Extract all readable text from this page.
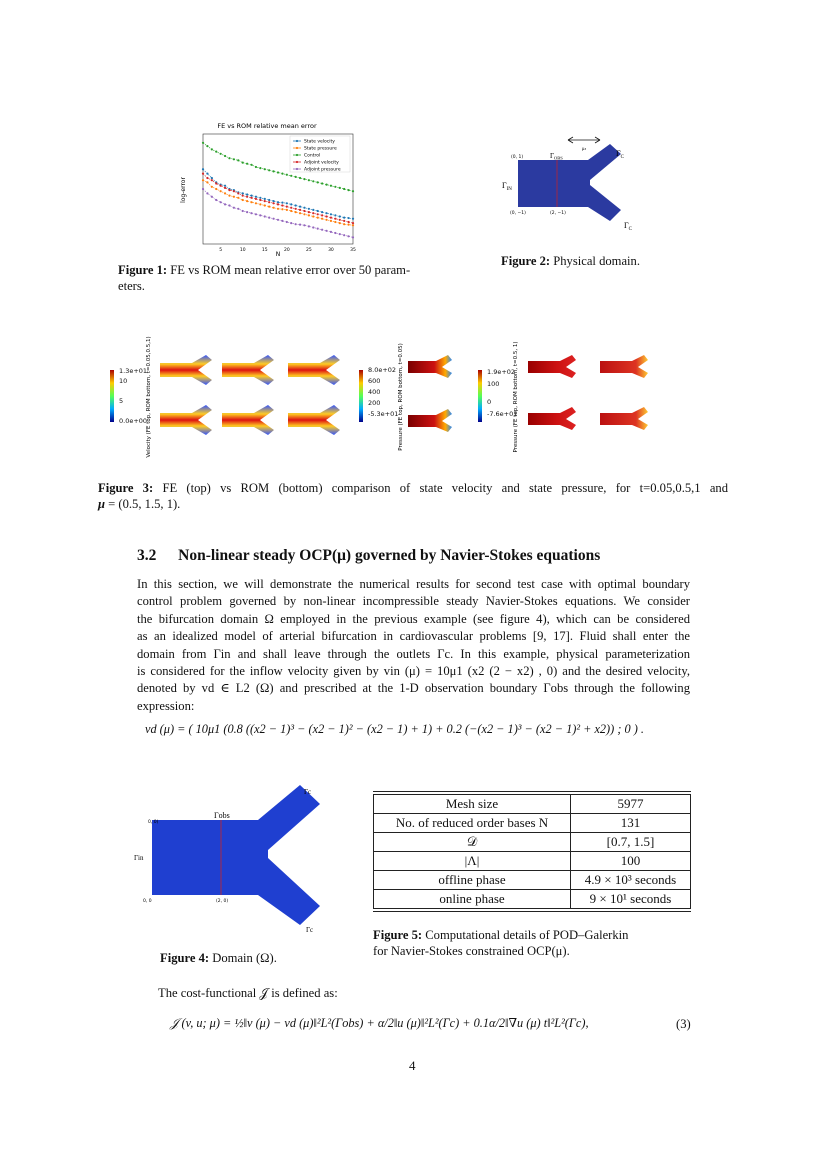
FE vs ROM relative mean error
5	10	15	20	25	30	35
N
log-error
State velocity
State pressure
Control
Adjoint velocity
Adjoint pressure
Figure 1: FE vs ROM mean relative error over 50 param-
eters.
μ₃
$\Gamma_C$
$\Gamma_C$
$\Gamma_{IN}$
$\Gamma_{OBS}$
(0, 1)
(0, −1)	(2, −1)
Figure 2: Physical domain.
Velocity (FE top, ROM bottom, t=0.05,0.5,1)	Pressure (FE top, ROM bottom, t=0.05)	Pressure (FE top, ROM bottom, t=0.5, 1)
1.3e+01
10
5
0.0e+00
8.0e+02
600
400
200
-5.3e+01
1.9e+02
100
0
-7.6e+01
Figure 3: FE (top) vs ROM (bottom) comparison of state velocity and state pressure, for t=0.05,0.5,1 and
μ = (0.5, 1.5, 1).
3.2 Non-linear steady OCP(μ) governed by Navier-Stokes equations
In this section, we will demonstrate the numerical results for second test case with optimal boundary
control problem governed by non-linear incompressible steady Navier-Stokes equations. We consider
the bifurcation domain Ω employed in the previous example (see figure 4), which can be considered
as an idealized model of arterial bifurcation in cardiovascular problems [9, 17]. Fluid shall enter the
domain from Γin and shall leave through the outlets Γc. In this example, physical parameterization
is considered for the inflow velocity given by vin (μ) = 10μ1 (x2 (2 − x2) , 0) and the desired velocity,
denoted by vd ∈ L2 (Ω) and prescribed at the 1-D observation boundary Γobs through the following
expression:
vd (μ) = ( 10μ1 (0.8 ((x2 − 1)³ − (x2 − 1)² − (x2 − 1) + 1) + 0.2 (−(x2 − 1)³ − (x2 − 1)² + x2)) ; 0 ) .
Γc
Γc
Γobs
Γin
0, 0)
0, 0	(2, 0)
Figure 4: Domain (Ω).
Mesh size	5977
No. of reduced order bases N	131
𝒟	[0.7, 1.5]
|Λ|	100
offline phase	4.9 × 10³ seconds
online phase	9 × 10¹ seconds
Figure 5: Computational details of POD–Galerkin
for Navier-Stokes constrained OCP(μ).
The cost-functional 𝒥 is defined as:
𝒥 (v, u; μ) = ½‖v (μ) − vd (μ)‖²L²(Γobs) + α/2‖u (μ)‖²L²(Γc) + 0.1α/2‖∇u (μ) t‖²L²(Γc),	(3)
4
